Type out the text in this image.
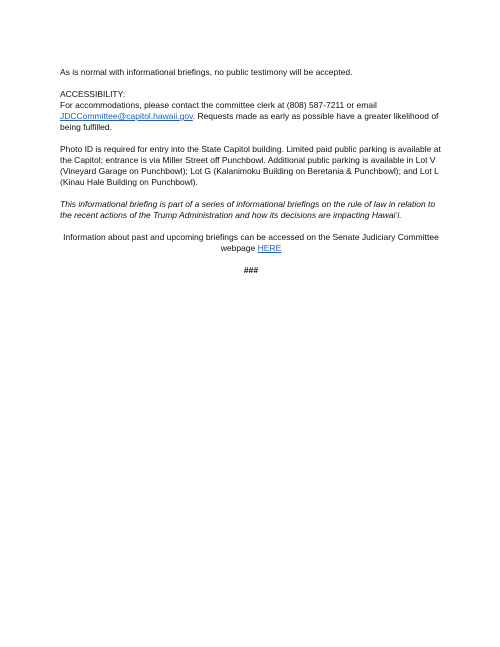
As is normal with informational briefings, no public testimony will be accepted.

ACCESSIBILITY:
For accommodations, please contact the committee clerk at (808) 587-7211 or email JDCCommittee@capitol.hawaii.gov. Requests made as early as possible have a greater likelihood of being fulfilled.

Photo ID is required for entry into the State Capitol building. Limited paid public parking is available at the Capitol; entrance is via Miller Street off Punchbowl. Additional public parking is available in Lot V (Vineyard Garage on Punchbowl); Lot G (Kalanimoku Building on Beretania & Punchbowl); and Lot L (Kinau Hale Building on Punchbowl).

This informational briefing is part of a series of informational briefings on the rule of law in relation to the recent actions of the Trump Administration and how its decisions are impacting Hawai‘i.

Information about past and upcoming briefings can be accessed on the Senate Judiciary Committee webpage HERE

###
